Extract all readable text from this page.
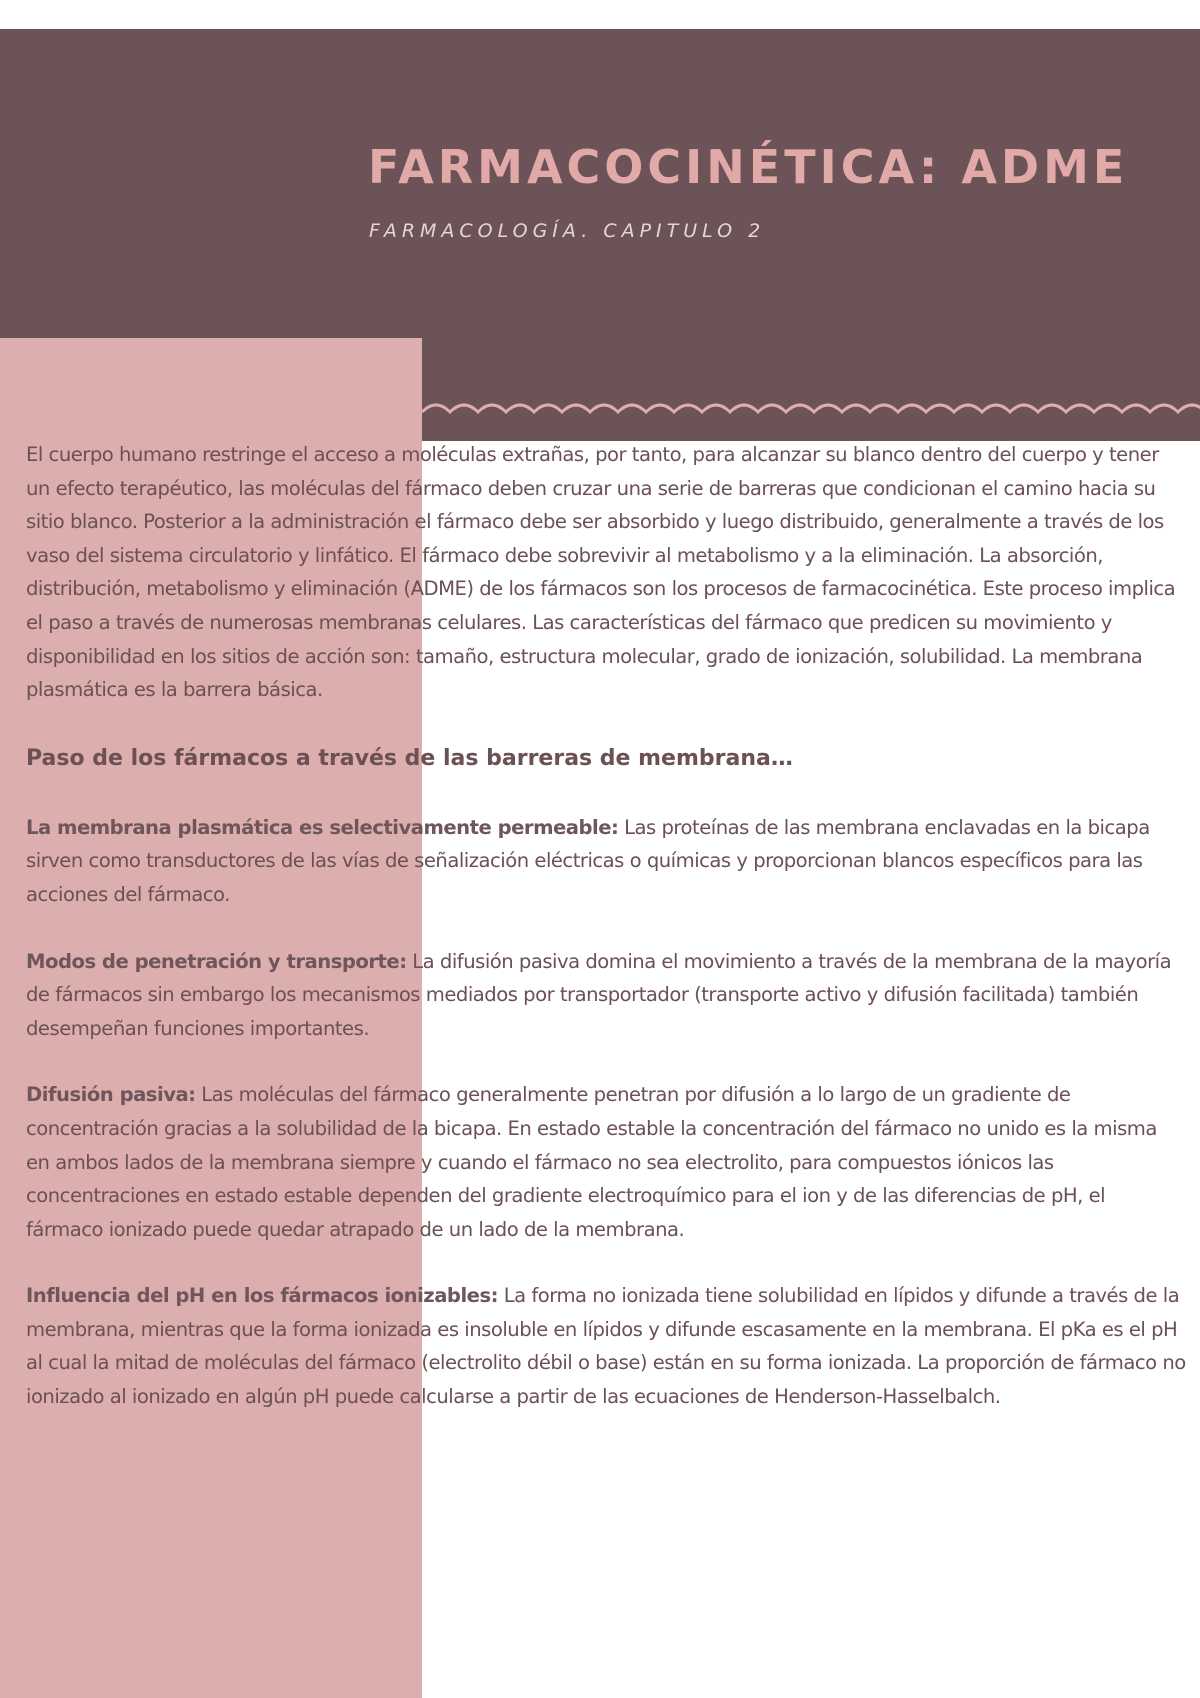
FARMACOCINÉTICA: ADME
FARMACOLOGÍA. CAPITULO 2

El cuerpo humano restringe el acceso a moléculas extrañas, por tanto, para alcanzar su blanco dentro del cuerpo y tener un efecto terapéutico, las moléculas del fármaco deben cruzar una serie de barreras que condicionan el camino hacia su sitio blanco. Posterior a la administración el fármaco debe ser absorbido y luego distribuido, generalmente a través de los vaso del sistema circulatorio y linfático. El fármaco debe sobrevivir al metabolismo y a la eliminación. La absorción, distribución, metabolismo y eliminación (ADME) de los fármacos son los procesos de farmacocinética. Este proceso implica el paso a través de numerosas membranas celulares. Las características del fármaco que predicen su movimiento y disponibilidad en los sitios de acción son: tamaño, estructura molecular, grado de ionización, solubilidad. La membrana plasmática es la barrera básica.

Paso de los fármacos a través de las barreras de membrana…

La membrana plasmática es selectivamente permeable: Las proteínas de las membrana enclavadas en la bicapa sirven como transductores de las vías de señalización eléctricas o químicas y proporcionan blancos específicos para las acciones del fármaco.

Modos de penetración y transporte: La difusión pasiva domina el movimiento a través de la membrana de la mayoría de fármacos sin embargo los mecanismos mediados por transportador (transporte activo y difusión facilitada) también desempeñan funciones importantes.

Difusión pasiva: Las moléculas del fármaco generalmente penetran por difusión a lo largo de un gradiente de concentración gracias a la solubilidad de la bicapa. En estado estable la concentración del fármaco no unido es la misma en ambos lados de la membrana siempre y cuando el fármaco no sea electrolito, para compuestos iónicos las concentraciones en estado estable dependen del gradiente electroquímico para el ion y de las diferencias de pH, el fármaco ionizado puede quedar atrapado de un lado de la membrana.

Influencia del pH en los fármacos ionizables: La forma no ionizada tiene solubilidad en lípidos y difunde a través de la membrana, mientras que la forma ionizada es insoluble en lípidos y difunde escasamente en la membrana. El pKa es el pH al cual la mitad de moléculas del fármaco (electrolito débil o base) están en su forma ionizada. La proporción de fármaco no ionizado al ionizado en algún pH puede calcularse a partir de las ecuaciones de Henderson-Hasselbalch.
